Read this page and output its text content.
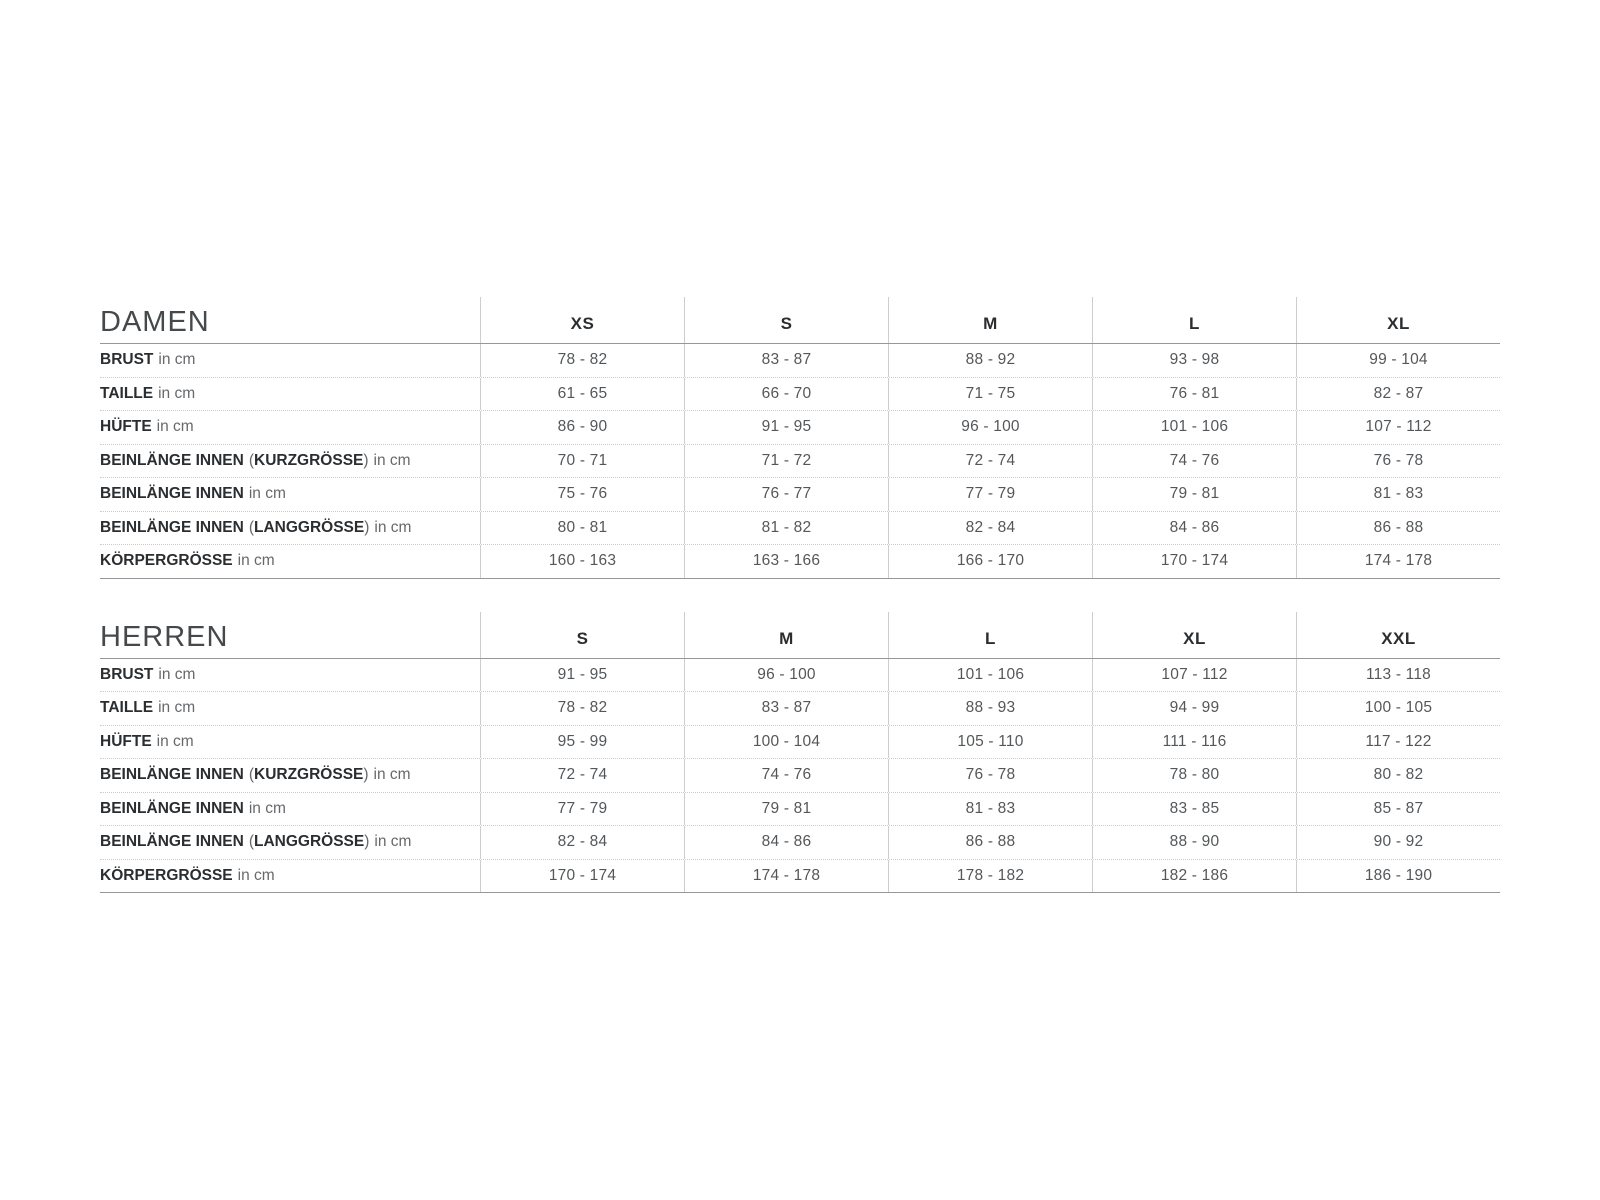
DAMEN	XS	S	M	L	XL
BRUST in cm	78 - 82	83 - 87	88 - 92	93 - 98	99 - 104
TAILLE in cm	61 - 65	66 - 70	71 - 75	76 - 81	82 - 87
HÜFTE in cm	86 - 90	91 - 95	96 - 100	101 - 106	107 - 112
BEINLÄNGE INNEN ( KURZGRÖSSE ) in cm	70 - 71	71 - 72	72 - 74	74 - 76	76 - 78
BEINLÄNGE INNEN in cm	75 - 76	76 - 77	77 - 79	79 - 81	81 - 83
BEINLÄNGE INNEN ( LANGGRÖSSE ) in cm	80 - 81	81 - 82	82 - 84	84 - 86	86 - 88
KÖRPERGRÖSSE in cm	160 - 163	163 - 166	166 - 170	170 - 174	174 - 178
HERREN	S	M	L	XL	XXL
BRUST in cm	91 - 95	96 - 100	101 - 106	107 - 112	113 - 118
TAILLE in cm	78 - 82	83 - 87	88 - 93	94 - 99	100 - 105
HÜFTE in cm	95 - 99	100 - 104	105 - 110	111 - 116	117 - 122
BEINLÄNGE INNEN ( KURZGRÖSSE ) in cm	72 - 74	74 - 76	76 - 78	78 - 80	80 - 82
BEINLÄNGE INNEN in cm	77 - 79	79 - 81	81 - 83	83 - 85	85 - 87
BEINLÄNGE INNEN ( LANGGRÖSSE ) in cm	82 - 84	84 - 86	86 - 88	88 - 90	90 - 92
KÖRPERGRÖSSE in cm	170 - 174	174 - 178	178 - 182	182 - 186	186 - 190
